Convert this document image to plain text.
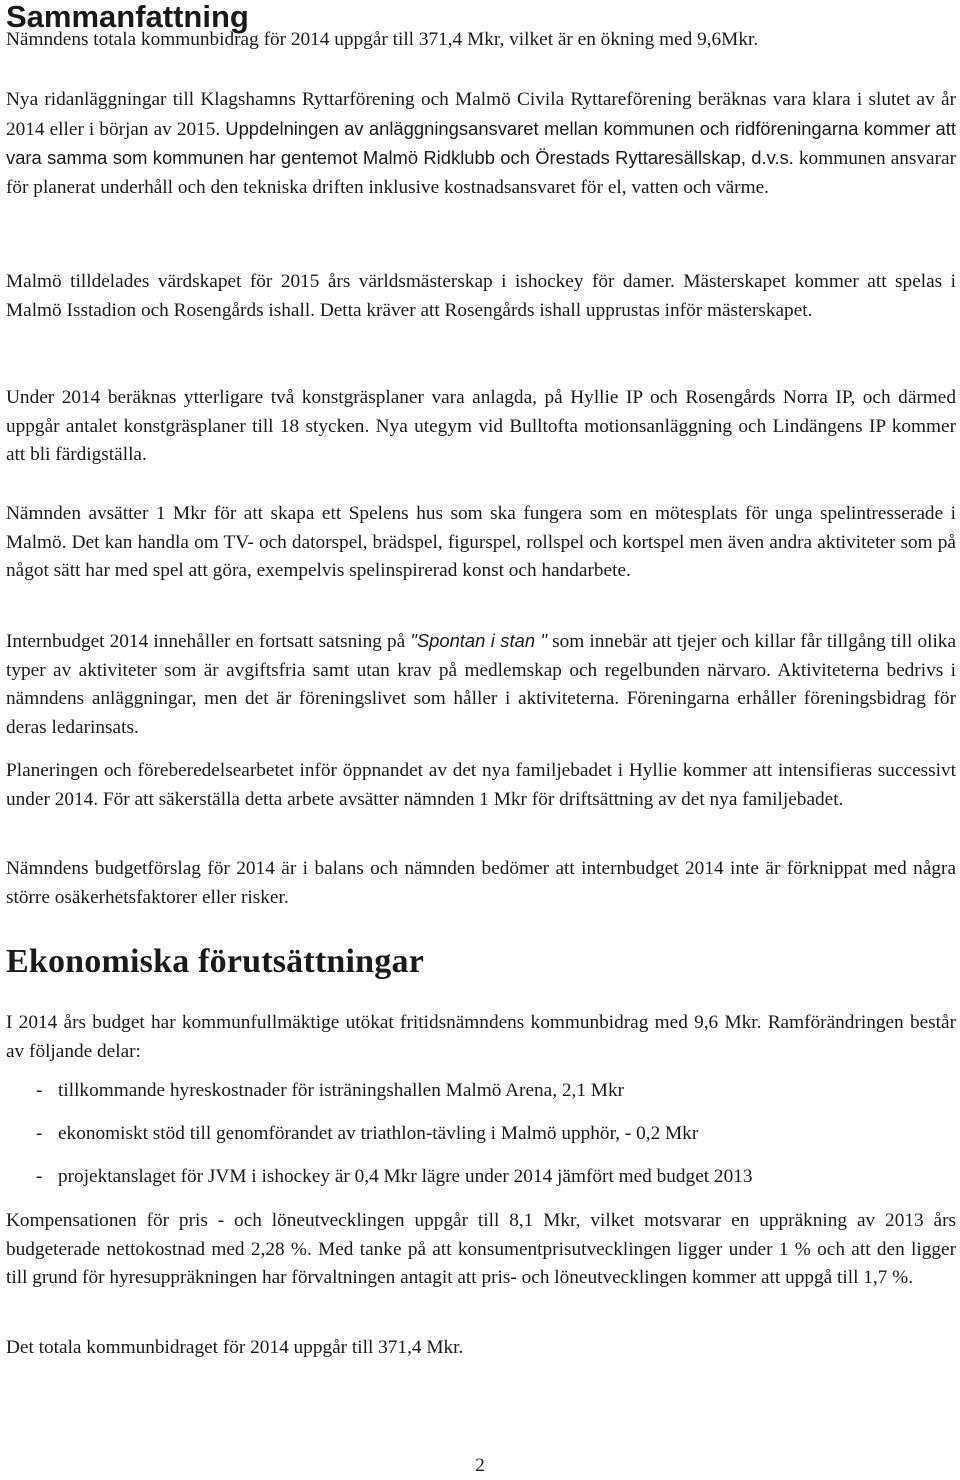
Sammanfattning

Nämndens totala kommunbidrag för 2014 uppgår till 371,4 Mkr, vilket är en ökning med 9,6Mkr.

Nya ridanläggningar till Klagshamns Ryttarförening och Malmö Civila Ryttareförening beräknas vara klara i slutet av år 2014 eller i början av 2015. Uppdelningen av anläggningsansvaret mellan kommunen och ridföreningarna kommer att vara samma som kommunen har gentemot Malmö Ridklubb och Örestads Ryttaresällskap, d.v.s. kommunen ansvarar för planerat underhåll och den tekniska driften inklusive kostnadsansvaret för el, vatten och värme.

Malmö tilldelades värdskapet för 2015 års världsmästerskap i ishockey för damer. Mästerskapet kommer att spelas i Malmö Isstadion och Rosengårds ishall. Detta kräver att Rosengårds ishall upprustas inför mästerskapet.

Under 2014 beräknas ytterligare två konstgräsplaner vara anlagda, på Hyllie IP och Rosengårds Norra IP, och därmed uppgår antalet konstgräsplaner till 18 stycken. Nya utegym vid Bulltofta motionsanläggning och Lindängens IP kommer att bli färdigställa.

Nämnden avsätter 1 Mkr för att skapa ett Spelens hus som ska fungera som en mötesplats för unga spelintresserade i Malmö. Det kan handla om TV- och datorspel, brädspel, figurspel, rollspel och kortspel men även andra aktiviteter som på något sätt har med spel att göra, exempelvis spelinspirerad konst och handarbete.

Internbudget 2014 innehåller en fortsatt satsning på "Spontan i stan " som innebär att tjejer och killar får tillgång till olika typer av aktiviteter som är avgiftsfria samt utan krav på medlemskap och regelbunden närvaro. Aktiviteterna bedrivs i nämndens anläggningar, men det är föreningslivet som håller i aktiviteterna. Föreningarna erhåller föreningsbidrag för deras ledarinsats.

Planeringen och föreberedelsearbetet inför öppnandet av det nya familjebadet i Hyllie kommer att intensifieras successivt under 2014. För att säkerställa detta arbete avsätter nämnden 1 Mkr för driftsättning av det nya familjebadet.

Nämndens budgetförslag för 2014 är i balans och nämnden bedömer att internbudget 2014 inte är förknippat med några större osäkerhetsfaktorer eller risker.

Ekonomiska förutsättningar

I 2014 års budget har kommunfullmäktige utökat fritidsnämndens kommunbidrag med 9,6 Mkr. Ramförändringen består av följande delar:

- tillkommande hyreskostnader för isträningshallen Malmö Arena, 2,1 Mkr
- ekonomiskt stöd till genomförandet av triathlon-tävling i Malmö upphör, - 0,2 Mkr
- projektanslaget för JVM i ishockey är 0,4 Mkr lägre under 2014 jämfört med budget 2013

Kompensationen för pris - och löneutvecklingen uppgår till 8,1 Mkr, vilket motsvarar en uppräkning av 2013 års budgeterade nettokostnad med 2,28 %. Med tanke på att konsumentprisutvecklingen ligger under 1 % och att den ligger till grund för hyresuppräkningen har förvaltningen antagit att pris- och löneutvecklingen kommer att uppgå till 1,7 %.

Det totala kommunbidraget för 2014 uppgår till 371,4 Mkr.

2
